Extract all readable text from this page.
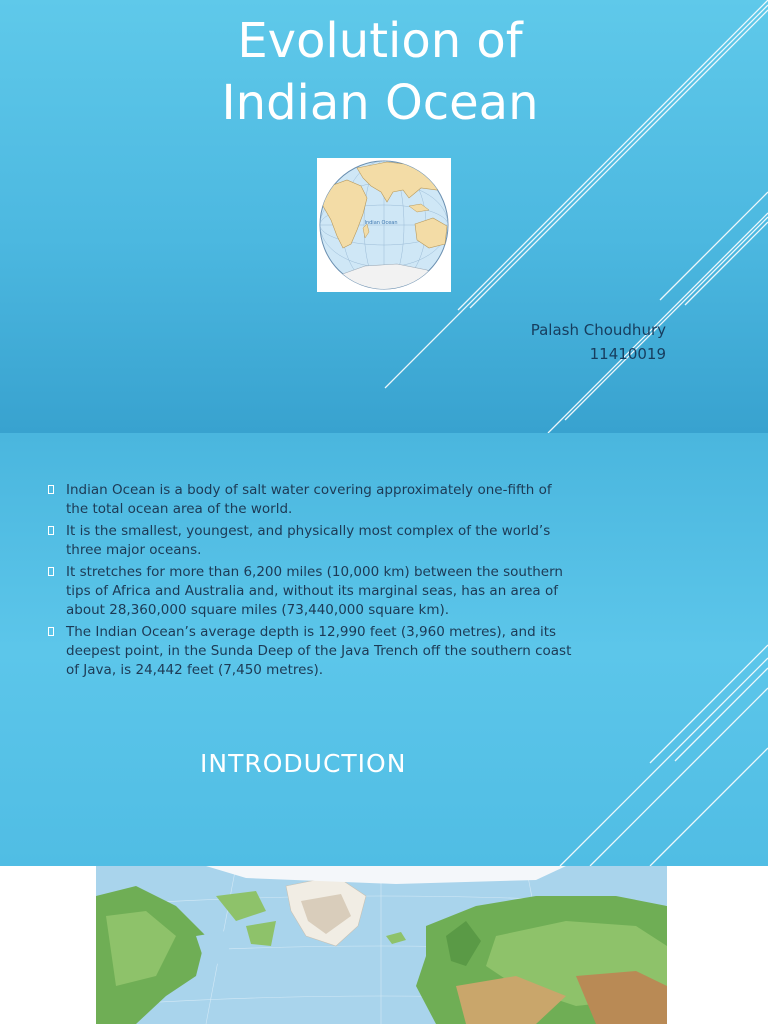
Evolution of
Indian Ocean
Indian Ocean
Palash Choudhury
11410019
Indian Ocean is a body of salt water covering approximately one-fifth of the total ocean area of the world.
It is the smallest, youngest, and physically most complex of the world’s three major oceans.
It stretches for more than 6,200 miles (10,000 km) between the southern tips of Africa and Australia and, without its marginal seas, has an area of about 28,360,000 square miles (73,440,000 square km).
The Indian Ocean’s average depth is 12,990 feet (3,960 metres), and its deepest point, in the Sunda Deep of the Java Trench off the southern coast of Java, is 24,442 feet (7,450 metres).
INTRODUCTION
